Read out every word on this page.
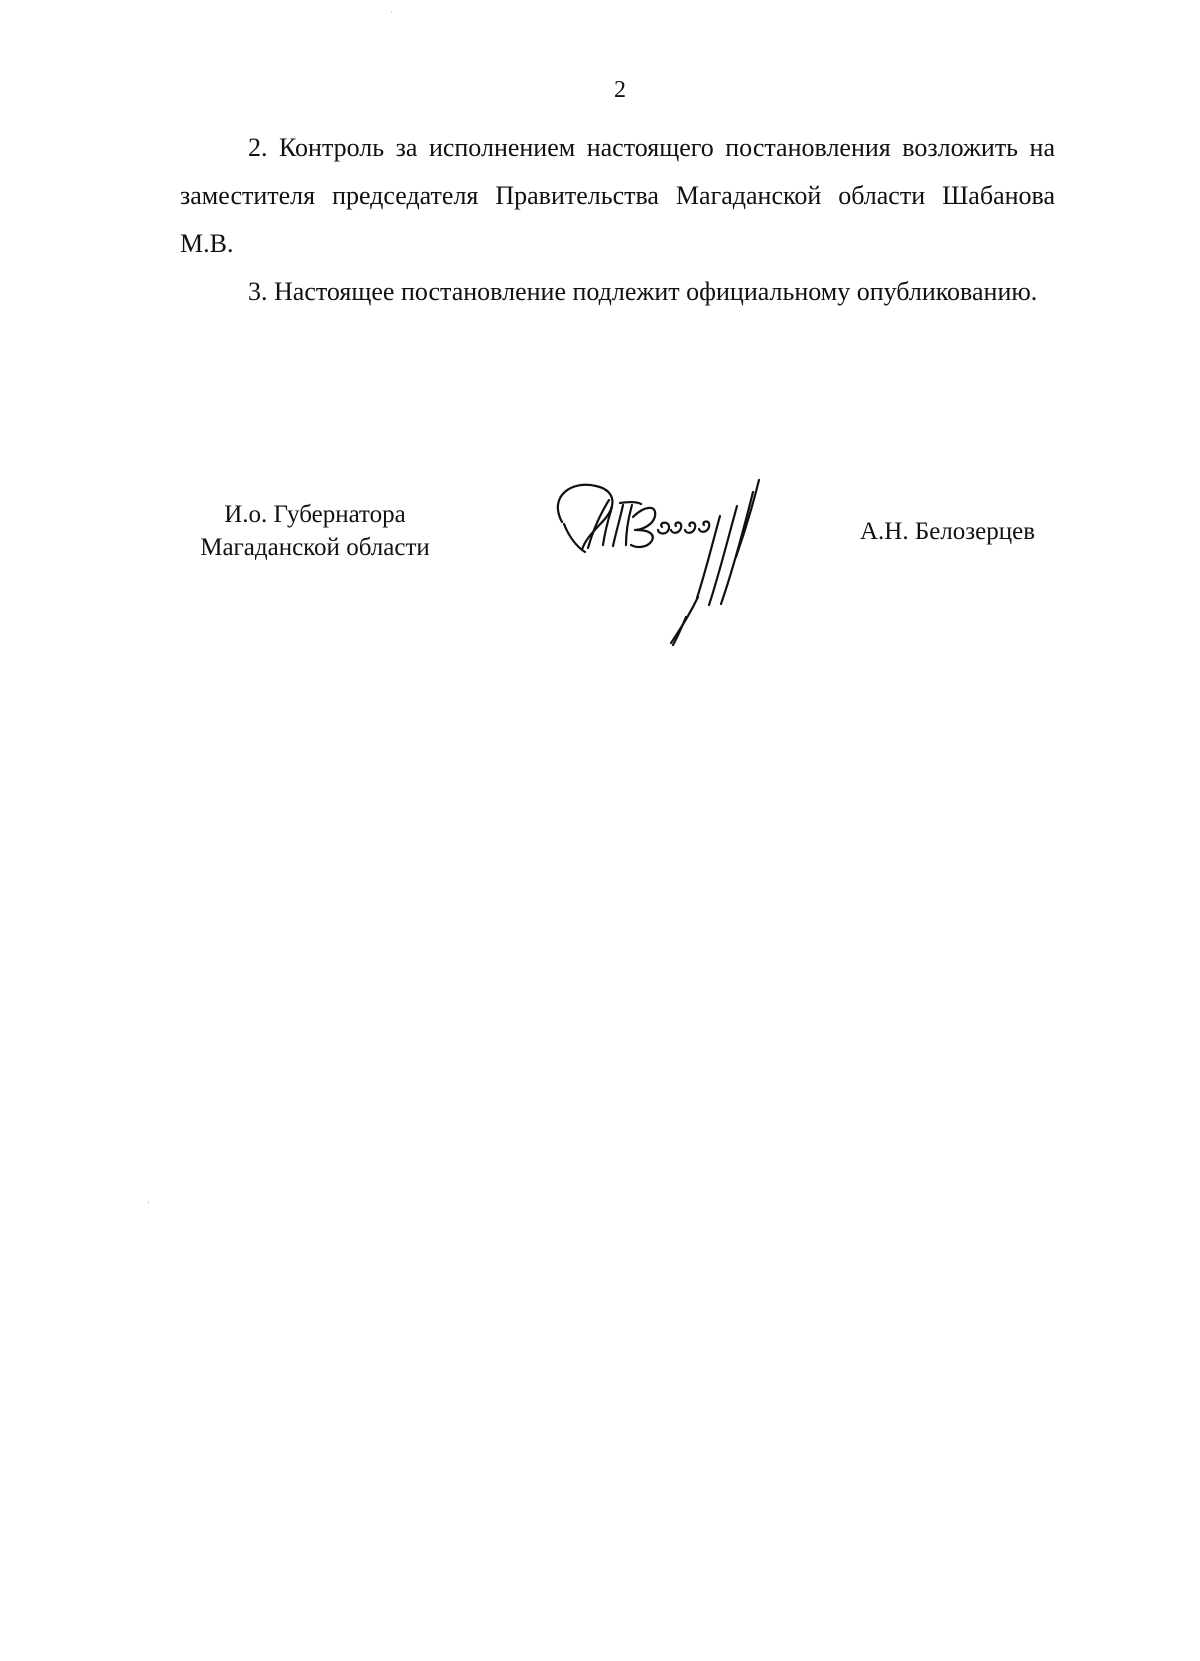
2

2. Контроль за исполнением настоящего постановления возложить на заместителя председателя Правительства Магаданской области Шабанова М.В.

3. Настоящее постановление подлежит официальному опубликованию.

И.о. Губернатора
Магаданской области
А.Н. Белозерцев
